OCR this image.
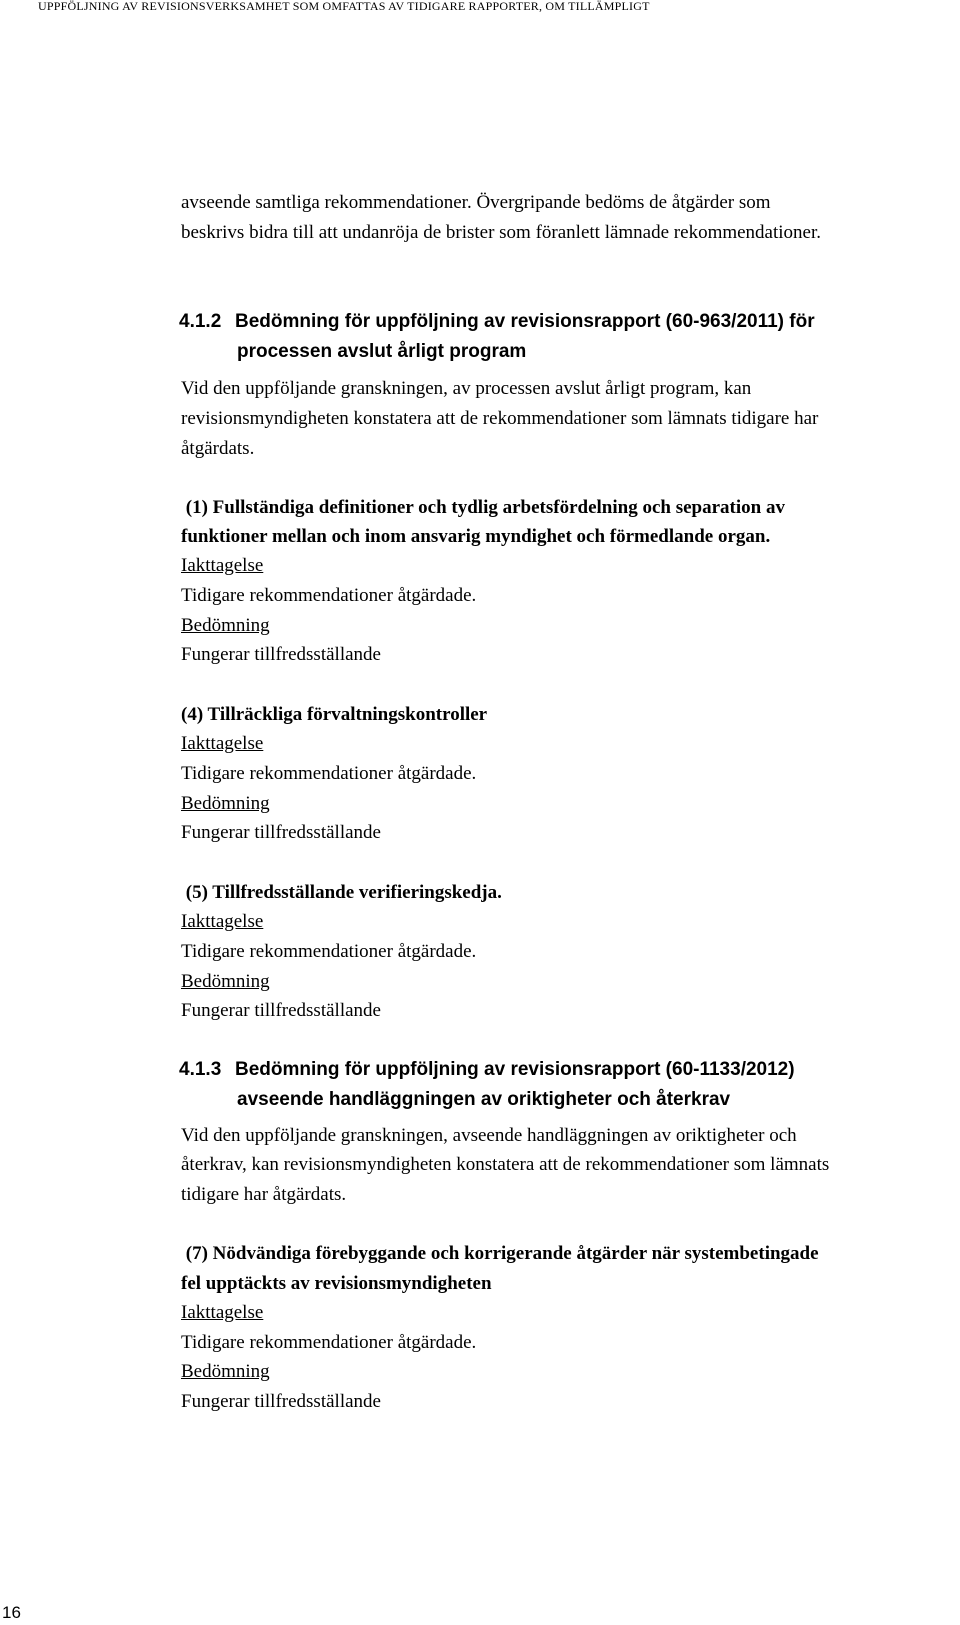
UPPFÖLJNING AV REVISIONSVERKSAMHET SOM OMFATTAS AV TIDIGARE RAPPORTER, OM TILLÄMPLIGT
avseende samtliga rekommendationer. Övergripande bedöms de åtgärder som
beskrivs bidra till att undanröja de brister som föranlett lämnade rekommendationer.
4.1.2 Bedömning för uppföljning av revisionsrapport (60-963/2011) för
processen avslut årligt program
Vid den uppföljande granskningen, av processen avslut årligt program, kan
revisionsmyndigheten konstatera att de rekommendationer som lämnats tidigare har
åtgärdats.
(1) Fullständiga definitioner och tydlig arbetsfördelning och separation av
funktioner mellan och inom ansvarig myndighet och förmedlande organ.
Iakttagelse
Tidigare rekommendationer åtgärdade.
Bedömning
Fungerar tillfredsställande
(4) Tillräckliga förvaltningskontroller
Iakttagelse
Tidigare rekommendationer åtgärdade.
Bedömning
Fungerar tillfredsställande
(5) Tillfredsställande verifieringskedja.
Iakttagelse
Tidigare rekommendationer åtgärdade.
Bedömning
Fungerar tillfredsställande
4.1.3 Bedömning för uppföljning av revisionsrapport (60-1133/2012)
avseende handläggningen av oriktigheter och återkrav
Vid den uppföljande granskningen, avseende handläggningen av oriktigheter och
återkrav, kan revisionsmyndigheten konstatera att de rekommendationer som lämnats
tidigare har åtgärdats.
(7) Nödvändiga förebyggande och korrigerande åtgärder när systembetingade
fel upptäckts av revisionsmyndigheten
Iakttagelse
Tidigare rekommendationer åtgärdade.
Bedömning
Fungerar tillfredsställande
16
